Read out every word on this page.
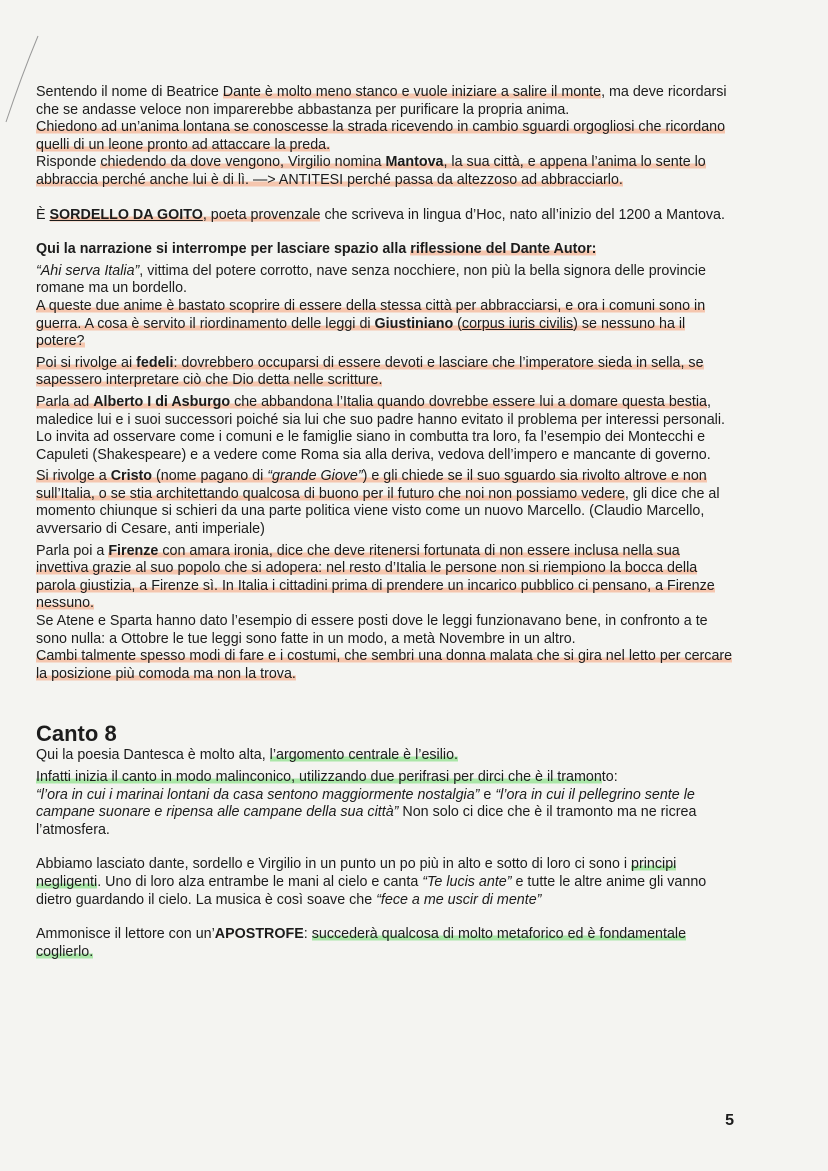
Sentendo il nome di Beatrice Dante è molto meno stanco e vuole iniziare a salire il monte, ma deve ricordarsi che se andasse veloce non imparerebbe abbastanza per purificare la propria anima.

Chiedono ad un’anima lontana se conoscesse la strada ricevendo in cambio sguardi orgogliosi che ricordano quelli di un leone pronto ad attaccare la preda.
Risponde chiedendo da dove vengono, Virgilio nomina Mantova, la sua città, e appena l’anima lo sente lo abbraccia perché anche lui è di lì. —> ANTITESI perché passa da altezzoso ad abbracciarlo.

È SORDELLO DA GOITO, poeta provenzale che scriveva in lingua d’Hoc, nato all’inizio del 1200 a Mantova.

Qui la narrazione si interrompe per lasciare spazio alla riflessione del Dante Autor:

“Ahi serva Italia”, vittima del potere corrotto, nave senza nocchiere, non più la bella signora delle provincie romane ma un bordello.
A queste due anime è bastato scoprire di essere della stessa città per abbracciarsi, e ora i comuni sono in guerra. A cosa è servito il riordinamento delle leggi di Giustiniano (corpus iuris civilis) se nessuno ha il potere?

Poi si rivolge ai fedeli: dovrebbero occuparsi di essere devoti e lasciare che l’imperatore sieda in sella, se sapessero interpretare ciò che Dio detta nelle scritture.

Parla ad Alberto I di Asburgo che abbandona l’Italia quando dovrebbe essere lui a domare questa bestia, maledice lui e i suoi successori poiché sia lui che suo padre hanno evitato il problema per interessi personali.
Lo invita ad osservare come i comuni e le famiglie siano in combutta tra loro, fa l’esempio dei Montecchi e Capuleti (Shakespeare) e a vedere come Roma sia alla deriva, vedova dell’impero e mancante di governo.

Si rivolge a Cristo (nome pagano di “grande Giove”) e gli chiede se il suo sguardo sia rivolto altrove e non sull’Italia, o se stia architettando qualcosa di buono per il futuro che noi non possiamo vedere, gli dice che al momento chiunque si schieri da una parte politica viene visto come un nuovo Marcello. (Claudio Marcello, avversario di Cesare, anti imperiale)

Parla poi a Firenze con amara ironia, dice che deve ritenersi fortunata di non essere inclusa nella sua invettiva grazie al suo popolo che si adopera: nel resto d’Italia le persone non si riempiono la bocca della parola giustizia, a Firenze sì. In Italia i cittadini prima di prendere un incarico pubblico ci pensano, a Firenze nessuno.
Se Atene e Sparta hanno dato l’esempio di essere posti dove le leggi funzionavano bene, in confronto a te sono nulla: a Ottobre le tue leggi sono fatte in un modo, a metà Novembre in un altro.
Cambi talmente spesso modi di fare e i costumi, che sembri una donna malata che si gira nel letto per cercare la posizione più comoda ma non la trova.

Canto 8

Qui la poesia Dantesca è molto alta, l’argomento centrale è l’esilio.

Infatti inizia il canto in modo malinconico, utilizzando due perifrasi per dirci che è il tramonto:
“l’ora in cui i marinai lontani da casa sentono maggiormente nostalgia” e “l’ora in cui il pellegrino sente le campane suonare e ripensa alle campane della sua città” Non solo ci dice che è il tramonto ma ne ricrea l’atmosfera.

Abbiamo lasciato dante, sordello e Virgilio in un punto un po più in alto e sotto di loro ci sono i principi negligenti. Uno di loro alza entrambe le mani al cielo e canta “Te lucis ante” e tutte le altre anime gli vanno dietro guardando il cielo. La musica è così soave che “fece a me uscir di mente”

Ammonisce il lettore con un’APOSTROFE: succederà qualcosa di molto metaforico ed è fondamentale coglierlo.

5
